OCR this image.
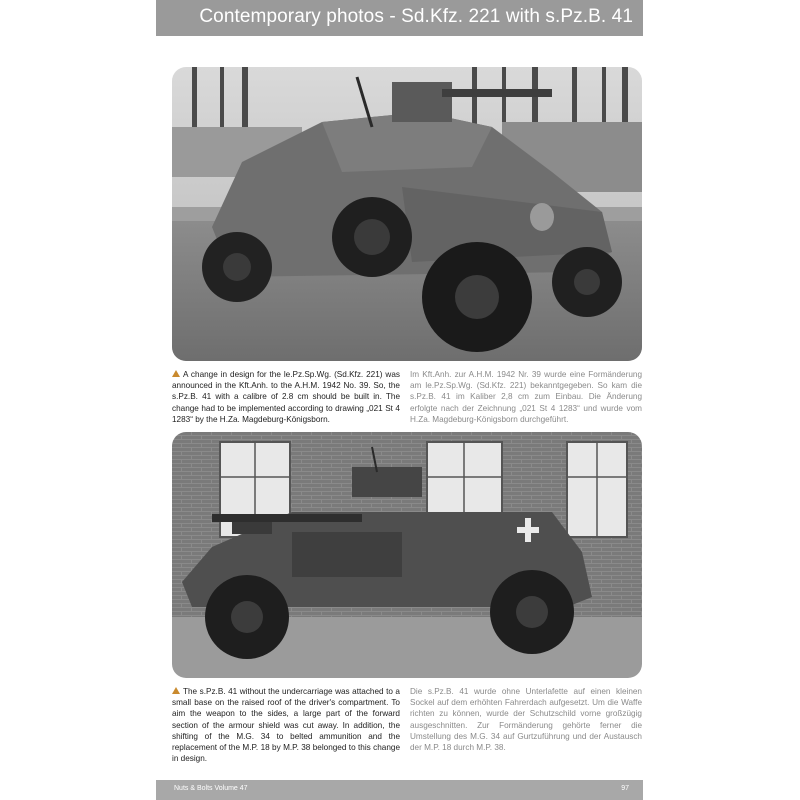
Contemporary photos - Sd.Kfz. 221 with s.Pz.B. 41
A change in design for the le.Pz.Sp.Wg. (Sd.Kfz. 221) was announced in the Kft.Anh. to the A.H.M. 1942 No. 39. So, the s.Pz.B. 41 with a calibre of 2.8 cm should be built in. The change had to be implemented according to drawing „021 St 4 1283“ by the H.Za. Magdeburg-Königsborn.
Im Kft.Anh. zur A.H.M. 1942 Nr. 39 wurde eine Formänderung am le.Pz.Sp.Wg. (Sd.Kfz. 221) bekanntgegeben. So kam die s.Pz.B. 41 im Kaliber 2,8 cm zum Einbau. Die Änderung erfolgte nach der Zeichnung „021 St 4 1283“ und wurde vom H.Za. Magdeburg-Königsborn durchgeführt.
The s.Pz.B. 41 without the undercarriage was attached to a small base on the raised roof of the driver's compartment. To aim the weapon to the sides, a large part of the forward section of the armour shield was cut away. In addition, the shifting of the M.G. 34 to belted ammunition and the replacement of the M.P. 18 by M.P. 38 belonged to this change in design.
Die s.Pz.B. 41 wurde ohne Unterlafette auf einen kleinen Sockel auf dem erhöhten Fahrerdach aufgesetzt. Um die Waffe richten zu können, wurde der Schutzschild vorne großzügig ausgeschnitten. Zur Formänderung gehörte ferner die Umstellung des M.G. 34 auf Gurtzuführung und der Austausch der M.P. 18 durch M.P. 38.
Nuts & Bolts Volume 47	97
